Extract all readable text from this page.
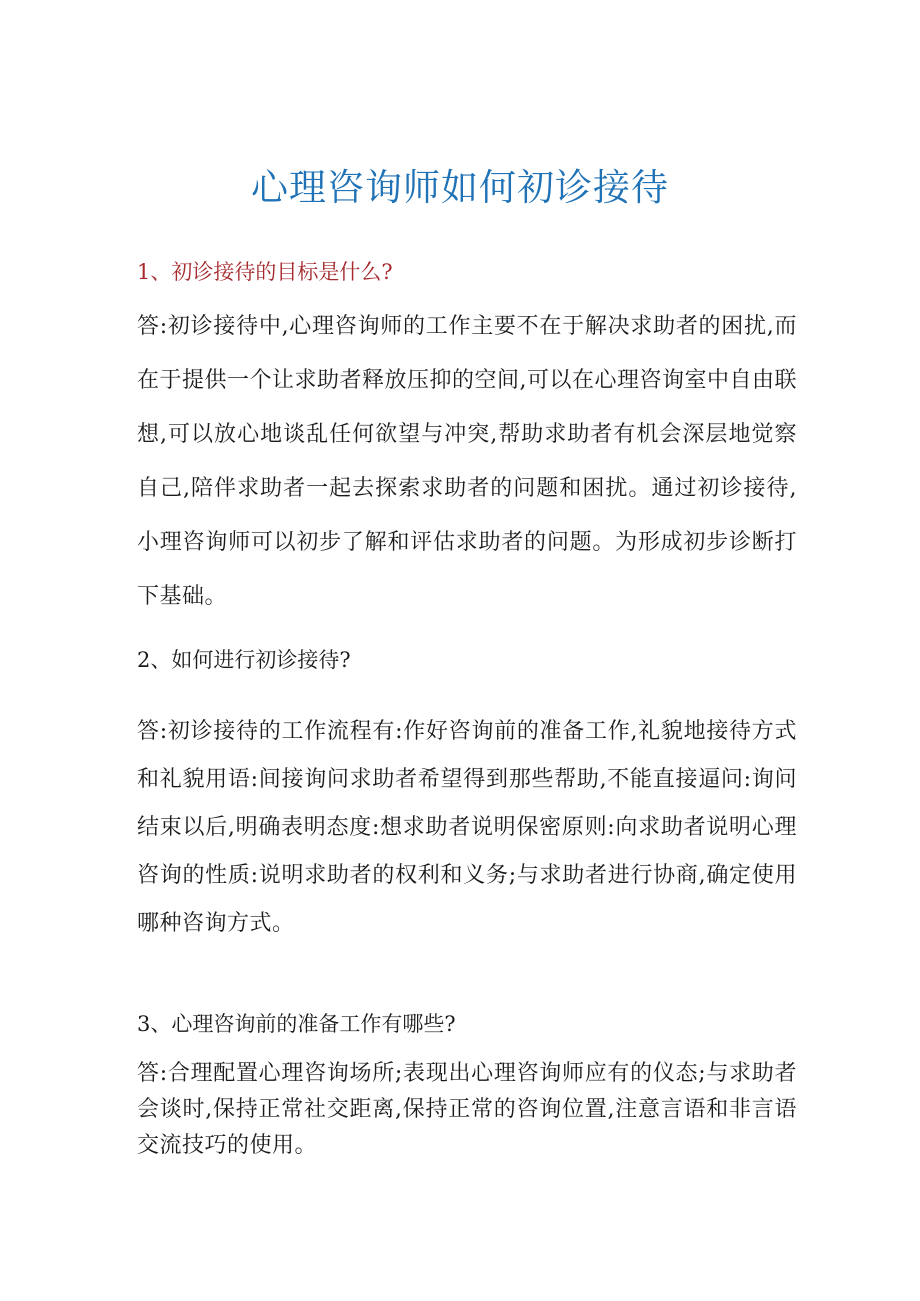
心理咨询师如何初诊接待

1、初诊接待的目标是什么?

答:初诊接待中,心理咨询师的工作主要不在于解决求助者的困扰,而在于提供一个让求助者释放压抑的空间,可以在心理咨询室中自由联想,可以放心地谈乱任何欲望与冲突,帮助求助者有机会深层地觉察自己,陪伴求助者一起去探索求助者的问题和困扰。通过初诊接待,小理咨询师可以初步了解和评估求助者的问题。为形成初步诊断打下基础。

2、如何进行初诊接待?

答:初诊接待的工作流程有:作好咨询前的准备工作,礼貌地接待方式和礼貌用语:间接询问求助者希望得到那些帮助,不能直接逼问:询问结束以后,明确表明态度:想求助者说明保密原则:向求助者说明心理咨询的性质:说明求助者的权利和义务;与求助者进行协商,确定使用哪种咨询方式。

3、心理咨询前的准备工作有哪些?

答:合理配置心理咨询场所;表现出心理咨询师应有的仪态;与求助者会谈时,保持正常社交距离,保持正常的咨询位置,注意言语和非言语交流技巧的使用。
